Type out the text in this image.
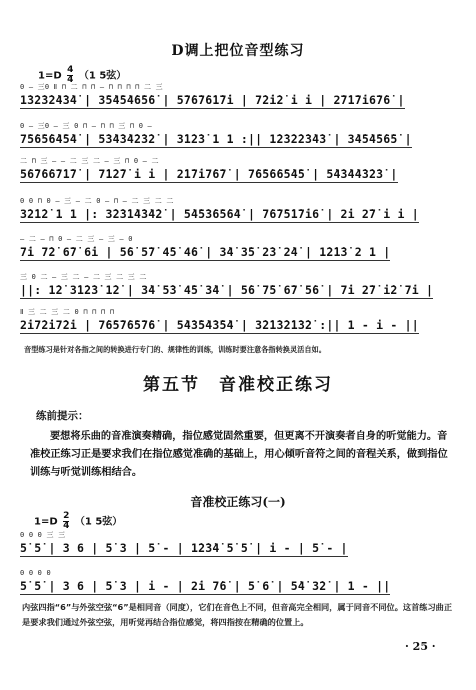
D调上把位音型练习
$1=D \frac{4}{4} (1$ 5弦）
0 — 三0 Ⅱ ⊓ 二 ⊓ ⊓ — ⊓ ⊓ ⊓ ⊓ 二 三
1̇3̇2̇3̇2̇4̇3̇4̇ | 3̇5̇4̇5̇4̇6̇5̇6̇ | 5̇7̇6̇7̇6̇1̇7̇i | 7̇2̇i̇2̇ i i | 2̇7̇1̇7̇i6̇7̇6̇ |
0 — 三0 — 三 0 ⊓ — ⊓ ⊓ 三 ⊓ 0 —
7̇5̇6̇5̇6̇4̇5̇4̇ | 5̇3̇4̇3̇4̇2̇3̇2̇ | 3̇1̇2̇3̇ 1 1 :|| 1̇2̇3̇2̇2̇3̇4̇3̇ | 3̇4̇5̇4̇5̇6̇5̇ |
二 ⊓ 三 — — 二 三 二 — 三 ⊓ 0 — 二
5̇6̇7̇6̇6̇7̇1̇7̇ | 7̇1̇2̇7̇ i i | 2̇1̇7̇i7̇6̇7̇ | 7̇6̇5̇6̇6̇5̇4̇5̇ | 5̇4̇3̇4̇4̇3̇2̇3̇ |
0 0 ⊓ 0 — 三 — 二 0 — ⊓ — 二 三 二 二
3̇2̇1̇2̇ 1 1 |: 3̇2̇3̇1̇4̇3̇4̇2̇ | 5̇4̇5̇3̇6̇5̇6̇4̇ | 7̇6̇7̇5̇1̇7̇i6̇ | 2̇i 2̇7̇ i i |
— 二 — ⊓ 0 — 二 三 — 三 — 0
7̇i 7̇2̇ 6̇7̇ 6̇i | 5̇6̇ 5̇7̇ 4̇5̇ 4̇6̇ | 3̇4̇ 3̇5̇ 2̇3̇ 2̇4̇ | 1̇2̇1̇3̇ 2 1 |
三 0 二 — 三 二 — 二 三 二 三 二
||: 1̇2̇ 3̇1̇2̇3̇ 1̇2̇ | 3̇4̇ 5̇3̇ 4̇5̇ 3̇4̇ | 5̇6̇ 7̇5̇ 6̇7̇ 5̇6̇ | 7̇i 2̇7̇ i̇2̇ 7̇i |
Ⅱ 三 二 三 二 0 ⊓ ⊓ ⊓ ⊓
2̇i7̇2̇i7̇2̇i | 7̇6̇5̇7̇6̇5̇7̇6̇ | 5̇4̇3̇5̇4̇3̇5̇4̇ | 3̇2̇1̇3̇2̇1̇3̇2̇ :|| 1 - i - ||
音型练习是针对各指之间的转换进行专门的、规律性的训练，训练时要注意各指转换灵活自如。
第五节　音准校正练习
练前提示：
要想将乐曲的音准演奏精确，指位感觉固然重要，但更离不开演奏者自身的听觉能力。音准校正练习正是要求我们在指位感觉准确的基础上，用心倾听音符之间的音程关系，做到指位训练与听觉训练相结合。
音准校正练习(一)
$1=D \frac{2}{4} (1$ 5弦）
0 0 0 三 三
5̇ 5̇ | 3 6 | 5̇ 3 | 5̇ - | 1̇2̇3̇4̇ 5̇ 5̇ | i - | 5̇ - |
0 0 0 0
5̇ 5̇ | 3 6 | 5̇ 3 | i - | 2̇i 7̇6̇ | 5̇ 6̇ | 5̇4̇ 3̇2̇ | 1 - ||
内弦四指“6”与外弦空弦“6”是相同音（同度），它们在音色上不同，但音高完全相同，属于同音不同位。这首练习曲正是要求我们通过外弦空弦，用听觉再结合指位感觉，将四指按在精确的位置上。
· 25 ·
